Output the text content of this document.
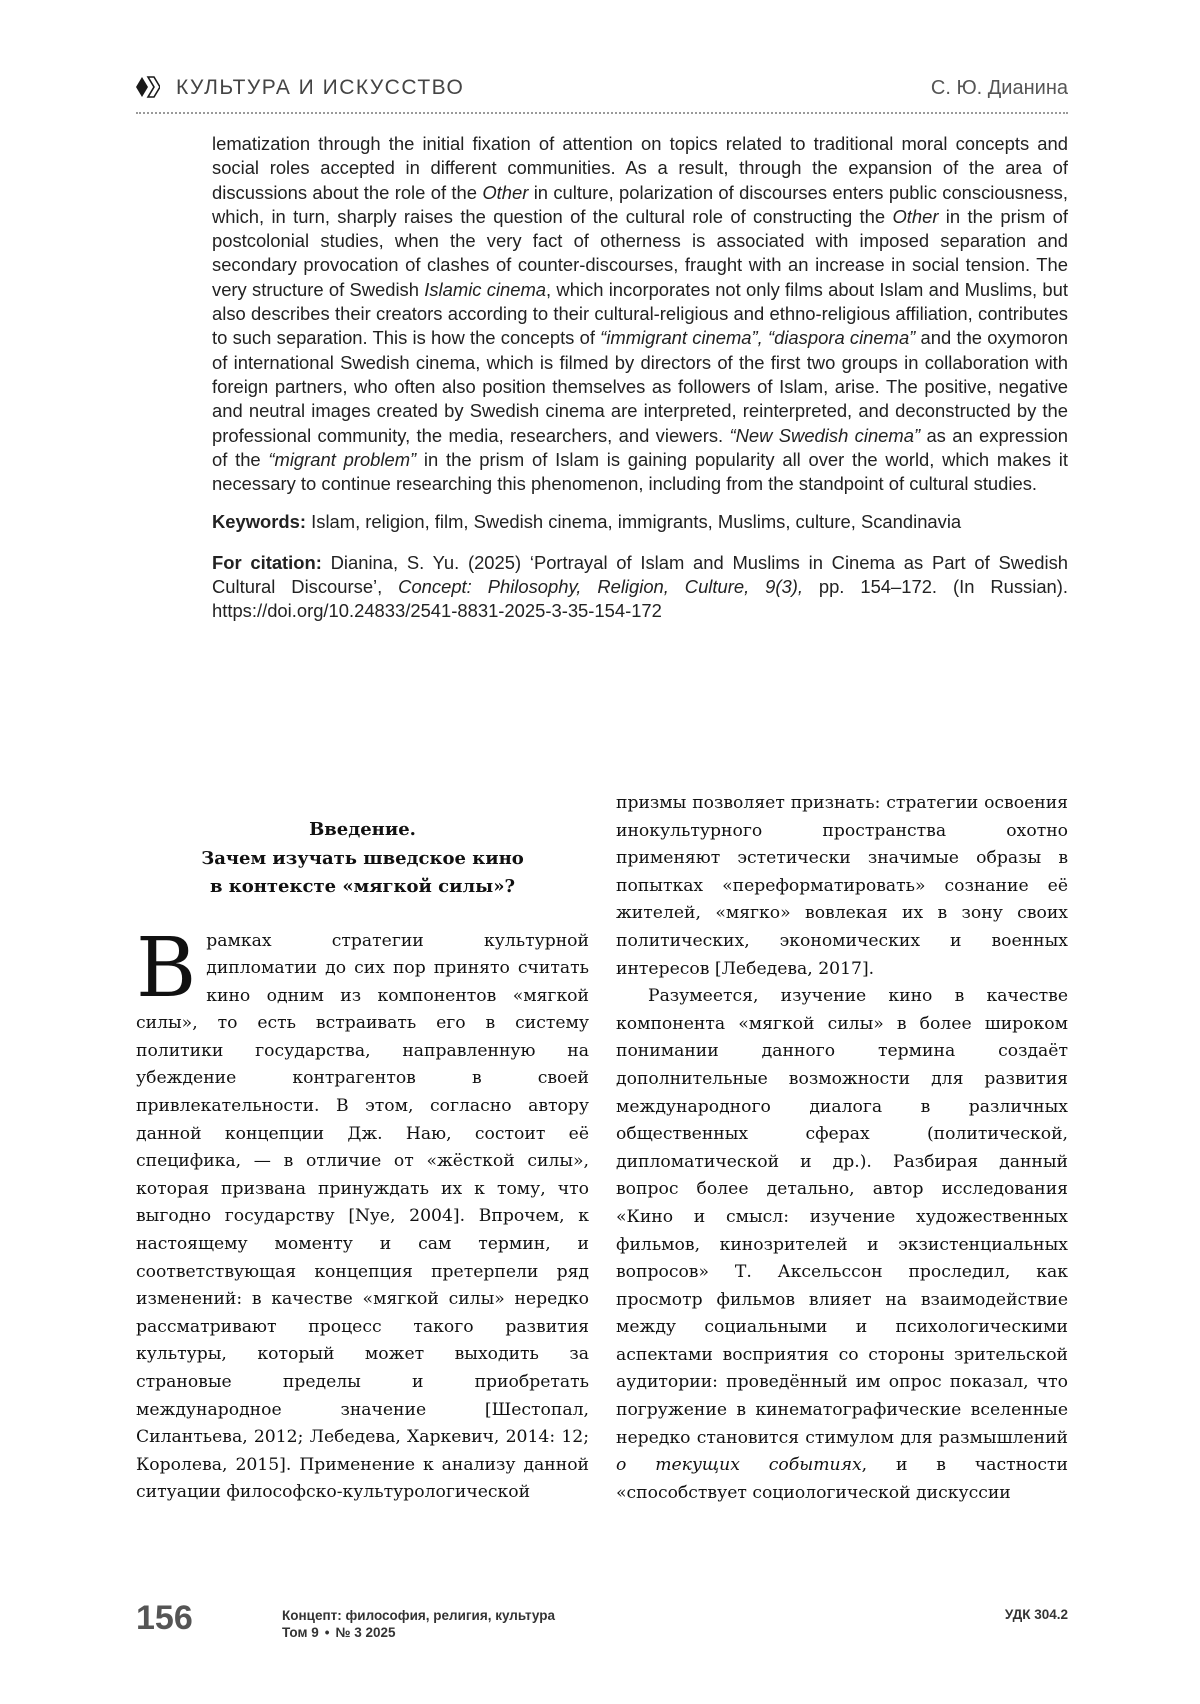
КУЛЬТУРА И ИСКУССТВО	С. Ю. Дианина

lematization through the initial fixation of attention on topics related to traditional moral concepts and social roles accepted in different communities. As a result, through the expansion of the area of discussions about the role of the Other in culture, polarization of discourses enters public consciousness, which, in turn, sharply raises the question of the cultural role of constructing the Other in the prism of postcolonial studies, when the very fact of otherness is associated with imposed separation and secondary provocation of clashes of counter-discourses, fraught with an increase in social tension. The very structure of Swedish Islamic cinema, which incorporates not only films about Islam and Muslims, but also describes their creators according to their cultural-religious and ethno-religious affiliation, contributes to such separation. This is how the concepts of “immigrant cinema”, “diaspora cinema” and the oxymoron of international Swedish cinema, which is filmed by directors of the first two groups in collaboration with foreign partners, who often also position themselves as followers of Islam, arise. The positive, negative and neutral images created by Swedish cinema are interpreted, reinterpreted, and deconstructed by the professional community, the media, researchers, and viewers. “New Swedish cinema” as an expression of the “migrant problem” in the prism of Islam is gaining popularity all over the world, which makes it necessary to continue researching this phenomenon, including from the standpoint of cultural studies.

Keywords: Islam, religion, film, Swedish cinema, immigrants, Muslims, culture, Scandinavia

For citation: Dianina, S. Yu. (2025) ‘Portrayal of Islam and Muslims in Cinema as Part of Swedish Cultural Discourse’, Concept: Philosophy, Religion, Culture, 9(3), pp. 154–172. (In Russian). https://doi.org/10.24833/2541-8831-2025-3-35-154-172

Введение.
Зачем изучать шведское кино
в контексте «мягкой силы»?

Врамках стратегии культурной дипломатии до сих пор принято считать кино одним из компонентов «мягкой силы», то есть встраивать его в систему политики государства, направленную на убеждение контрагентов в своей привлекательности. В этом, согласно автору данной концепции Дж. Наю, состоит её специфика, — в отличие от «жёсткой силы», которая призвана принуждать их к тому, что выгодно государству [Nye, 2004]. Впрочем, к настоящему моменту и сам термин, и соответствующая концепция претерпели ряд изменений: в качестве «мягкой силы» нередко рассматривают процесс такого развития культуры, который может выходить за страновые пределы и приобретать международное значение [Шестопал, Силантьева, 2012; Лебедева, Харкевич, 2014: 12; Королева, 2015]. Применение к анализу данной ситуации философско-культурологической

призмы позволяет признать: стратегии освоения инокультурного пространства охотно применяют эстетически значимые образы в попытках «переформатировать» сознание её жителей, «мягко» вовлекая их в зону своих политических, экономических и военных интересов [Лебедева, 2017].

Разумеется, изучение кино в качестве компонента «мягкой силы» в более широком понимании данного термина создаёт дополнительные возможности для развития международного диалога в различных общественных сферах (политической, дипломатической и др.). Разбирая данный вопрос более детально, автор исследования «Кино и смысл: изучение художественных фильмов, кинозрителей и экзистенциальных вопросов» Т. Аксельссон проследил, как просмотр фильмов влияет на взаимодействие между социальными и психологическими аспектами восприятия со стороны зрительской аудитории: проведённый им опрос показал, что погружение в кинематографические вселенные нередко становится стимулом для размышлений о текущих событиях, и в частности «способствует социологической дискуссии

156	Концепт: философия, религия, культура
Том 9 • № 3 2025
УДК 304.2
